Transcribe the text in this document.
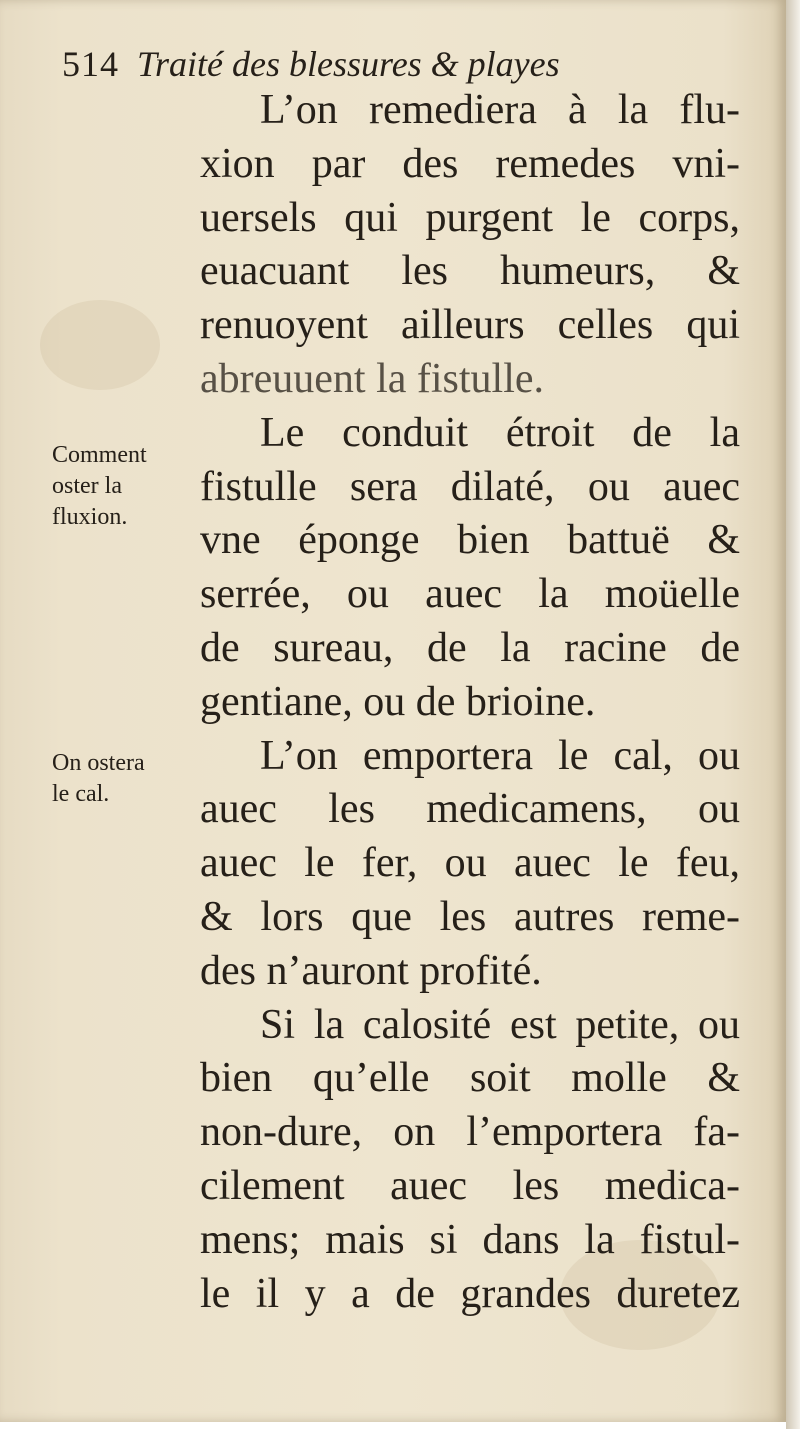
514 Traité des blessures & playes
L’on remediera à la flu-
xion par des remedes vni-
uersels qui purgent le corps,
euacuant les humeurs, &
renuoyent ailleurs celles qui
abreuuent la fistulle.
Le conduit étroit de la
fistulle sera dilaté, ou auec
vne éponge bien battuë &
serrée, ou auec la moüelle
de sureau, de la racine de
gentiane, ou de brioine.
L’on emportera le cal, ou
auec les medicamens, ou
auec le fer, ou auec le feu,
& lors que les autres reme-
des n’auront profité.
Si la calosité est petite, ou
bien qu’elle soit molle &
non-dure, on l’emportera fa-
cilement auec les medica-
mens; mais si dans la fistul-
le il y a de grandes duretez
Comment
oster la
fluxion.
On ostera
le cal.
